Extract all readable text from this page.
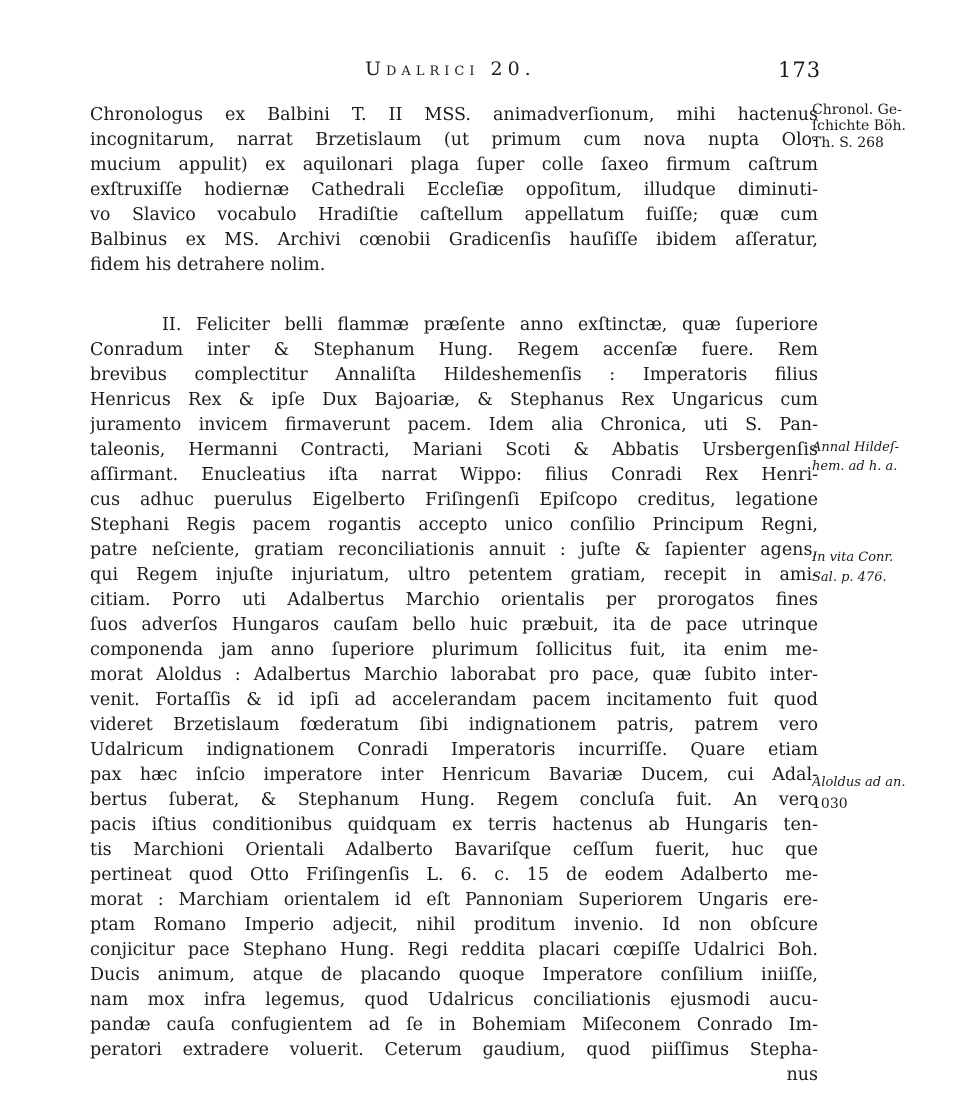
Udalrici 20.	173
Chronologus ex Balbini T. II MSS. animadverſionum, mihi hactenus
incognitarum, narrat Brzetislaum (ut primum cum nova nupta Olo-
mucium appulit) ex aquilonari plaga ſuper colle ſaxeo firmum caſtrum
exſtruxiſſe hodiernæ Cathedrali Eccleſiæ oppoſitum, illudque diminuti-
vo Slavico vocabulo Hradiſtie caſtellum appellatum fuiſſe; quæ cum
Balbinus ex MS. Archivi cœnobii Gradicenſis hauſiſſe ibidem aſſeratur,
fidem his detrahere nolim.
II. Feliciter belli flammæ præſente anno exſtinctæ, quæ ſuperiore
Conradum inter & Stephanum Hung. Regem accenſæ fuere. Rem
brevibus complectitur Annaliſta Hildeshemenſis : Imperatoris filius
Henricus Rex & ipſe Dux Bajoariæ, & Stephanus Rex Ungaricus cum
juramento invicem firmaverunt pacem. Idem alia Chronica, uti S. Pan-
taleonis, Hermanni Contracti, Mariani Scoti & Abbatis Ursbergenſis
aſſirmant. Enucleatius iſta narrat Wippo: filius Conradi Rex Henri-
cus adhuc puerulus Eigelberto Friſingenſi Epiſcopo creditus, legatione
Stephani Regis pacem rogantis accepto unico conſilio Principum Regni,
patre neſciente, gratiam reconciliationis annuit : juſte & ſapienter agens,
qui Regem injuſte injuriatum, ultro petentem gratiam, recepit in ami-
citiam. Porro uti Adalbertus Marchio orientalis per prorogatos fines
ſuos adverſos Hungaros cauſam bello huic præbuit, ita de pace utrinque
componenda jam anno ſuperiore plurimum ſollicitus fuit, ita enim me-
morat Aloldus : Adalbertus Marchio laborabat pro pace, quæ ſubito inter-
venit. Fortaſſis & id ipſi ad accelerandam pacem incitamento fuit quod
videret Brzetislaum fœderatum ſibi indignationem patris, patrem vero
Udalricum indignationem Conradi Imperatoris incurriſſe. Quare etiam
pax hæc inſcio imperatore inter Henricum Bavariæ Ducem, cui Adal-
bertus ſuberat, & Stephanum Hung. Regem concluſa fuit. An vero
pacis iſtius conditionibus quidquam ex terris hactenus ab Hungaris ten-
tis Marchioni Orientali Adalberto Bavariſque ceſſum fuerit, huc que
pertineat quod Otto Friſingenſis L. 6. c. 15 de eodem Adalberto me-
morat : Marchiam orientalem id eſt Pannoniam Superiorem Ungaris ere-
ptam Romano Imperio adjecit, nihil proditum invenio. Id non obſcure
conjicitur pace Stephano Hung. Regi reddita placari cœpiſſe Udalrici Boh.
Ducis animum, atque de placando quoque Imperatore conſilium iniiſſe,
nam mox infra legemus, quod Udalricus conciliationis ejusmodi aucu-
pandæ cauſa confugientem ad ſe in Bohemiam Miſeconem Conrado Im-
peratori extradere voluerit. Ceterum gaudium, quod piiſſimus Stepha-
nus
Chronol. Ge-
ſchichte Böh.
Th. S. 268
Annal Hildeſ-
hem. ad h. a.
In vita Conr.
Sal. p. 476.
Aloldus ad an.
1030
